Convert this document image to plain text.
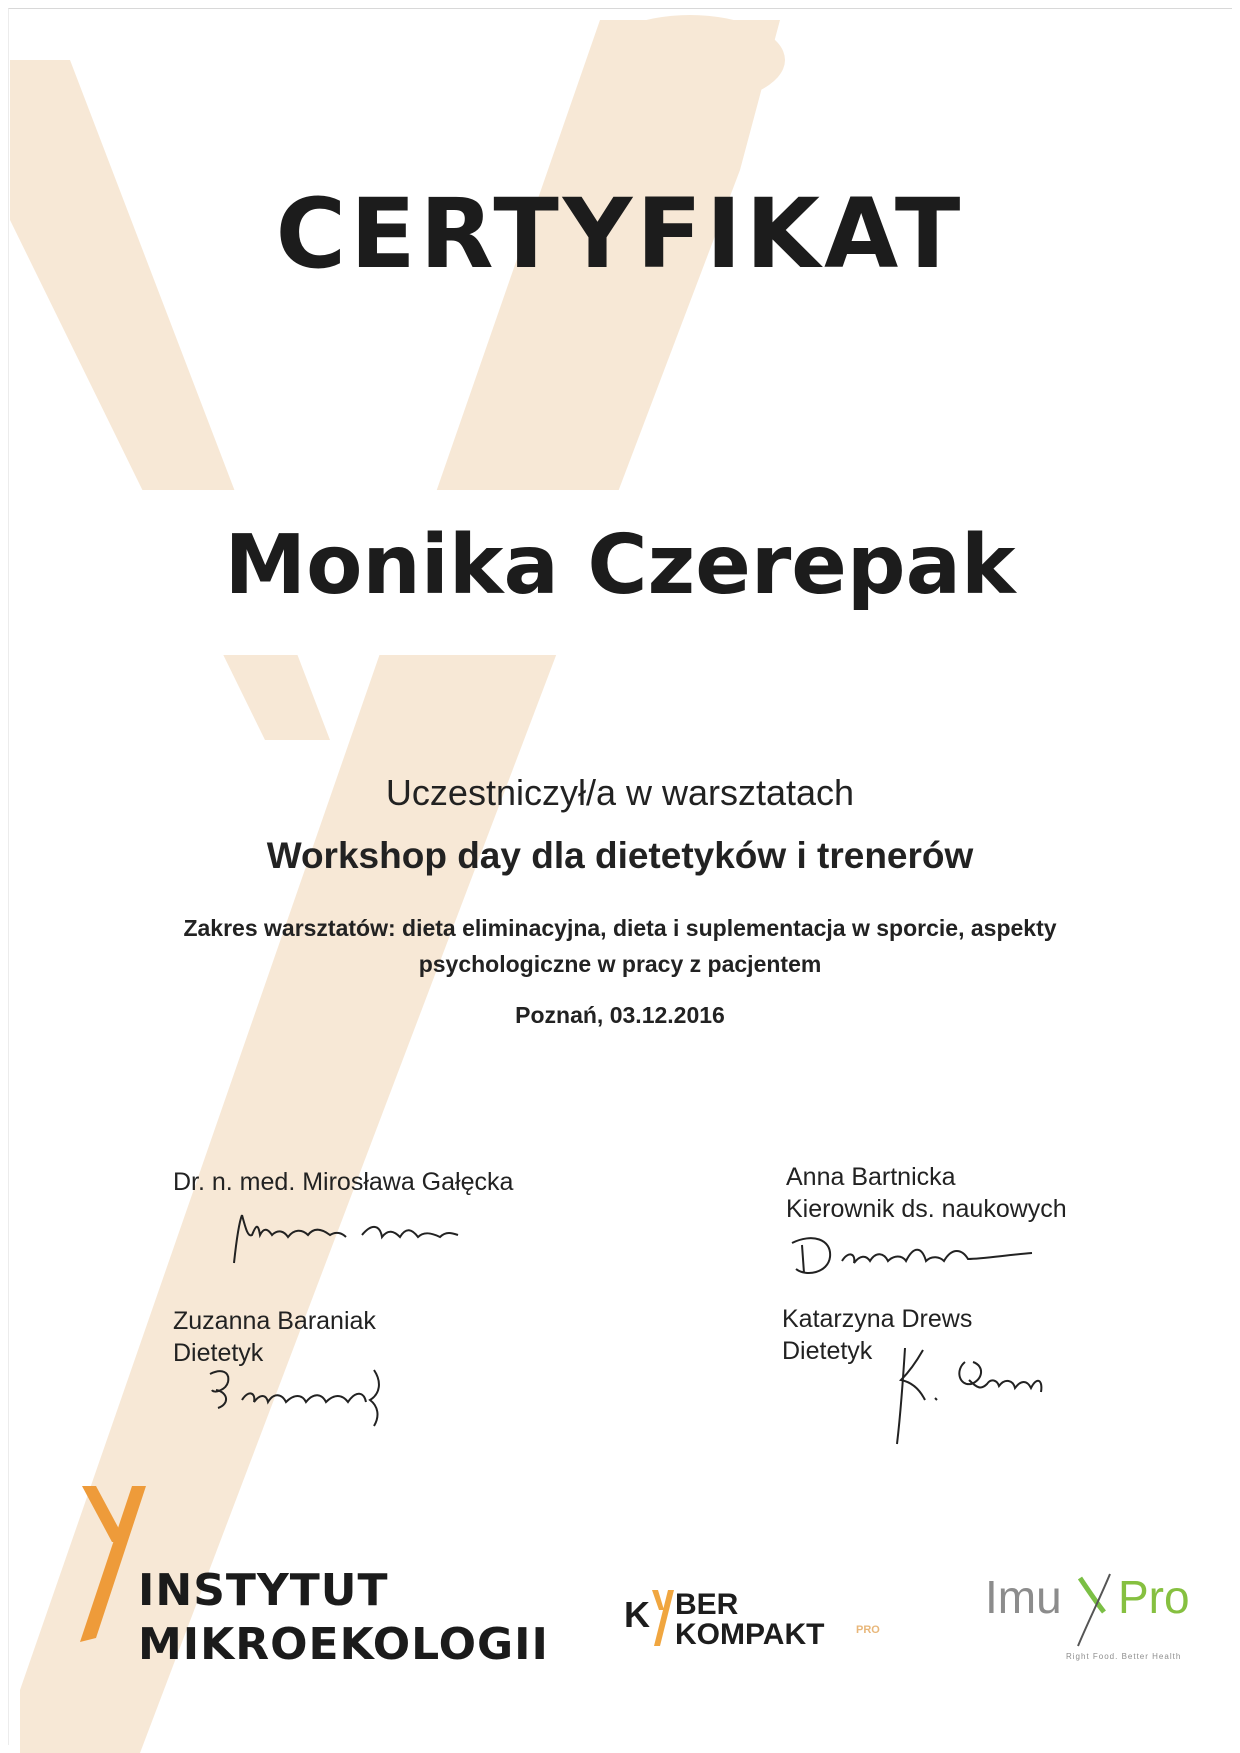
CERTYFIKAT
Monika Czerepak
Uczestniczył/a w warsztatach
Workshop day dla dietetyków i trenerów
Zakres warsztatów: dieta eliminacyjna, dieta i suplementacja w sporcie, aspekty psychologiczne w pracy z pacjentem
Poznań, 03.12.2016
Dr. n. med. Mirosława Gałęcka	Anna Bartnicka
Kierownik ds. naukowych
Zuzanna Baraniak
Dietetyk
Katarzyna Drews
Dietetyk
INSTYTUT
MIKROEKOLOGII
K BER
KOMPAKT	PRO
Imu Pro
Right Food. Better Health
